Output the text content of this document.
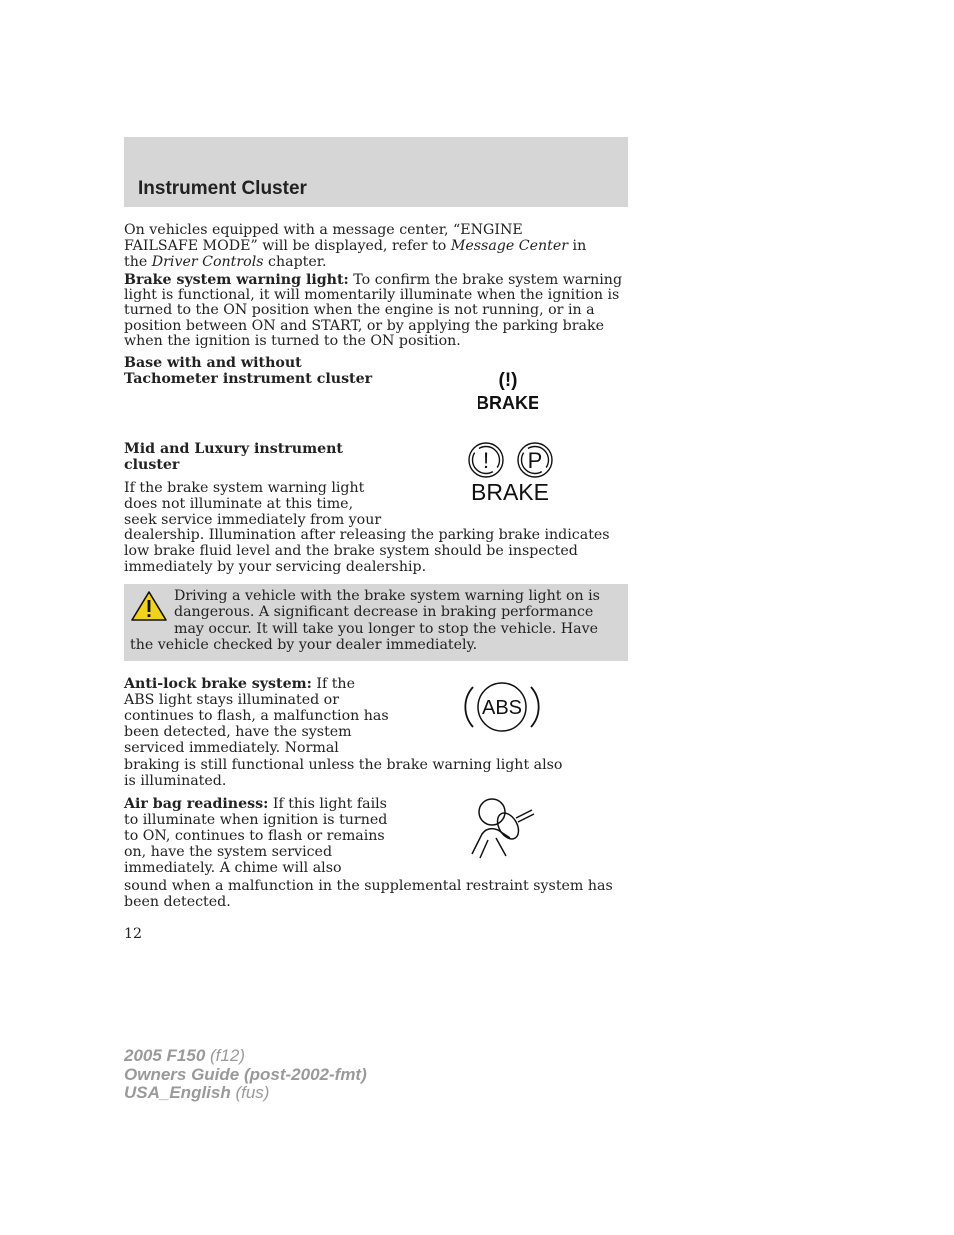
Instrument Cluster
On vehicles equipped with a message center, “ENGINE FAILSAFE MODE” will be displayed, refer to Message Center in the Driver Controls chapter.
Brake system warning light: To confirm the brake system warning light is functional, it will momentarily illuminate when the ignition is turned to the ON position when the engine is not running, or in a position between ON and START, or by applying the parking brake when the ignition is turned to the ON position.
Base with and without
Tachometer instrument cluster	(!)
BRAKE
Mid and Luxury instrument
cluster	! P
BRAKE
If the brake system warning light
does not illuminate at this time,
seek service immediately from your
dealership. Illumination after releasing the parking brake indicates low brake fluid level and the brake system should be inspected immediately by your servicing dealership.
Driving a vehicle with the brake system warning light on is dangerous. A significant decrease in braking performance may occur. It will take you longer to stop the vehicle. Have the vehicle checked by your dealer immediately.
Anti-lock brake system: If the
ABS light stays illuminated or
continues to flash, a malfunction has
been detected, have the system
serviced immediately. Normal
braking is still functional unless the brake warning light also is illuminated.
ABS
Air bag readiness: If this light fails
to illuminate when ignition is turned
to ON, continues to flash or remains
on, have the system serviced
immediately. A chime will also
sound when a malfunction in the supplemental restraint system has been detected.
12
2005 F150 (f12)
Owners Guide (post-2002-fmt)
USA_English (fus)
